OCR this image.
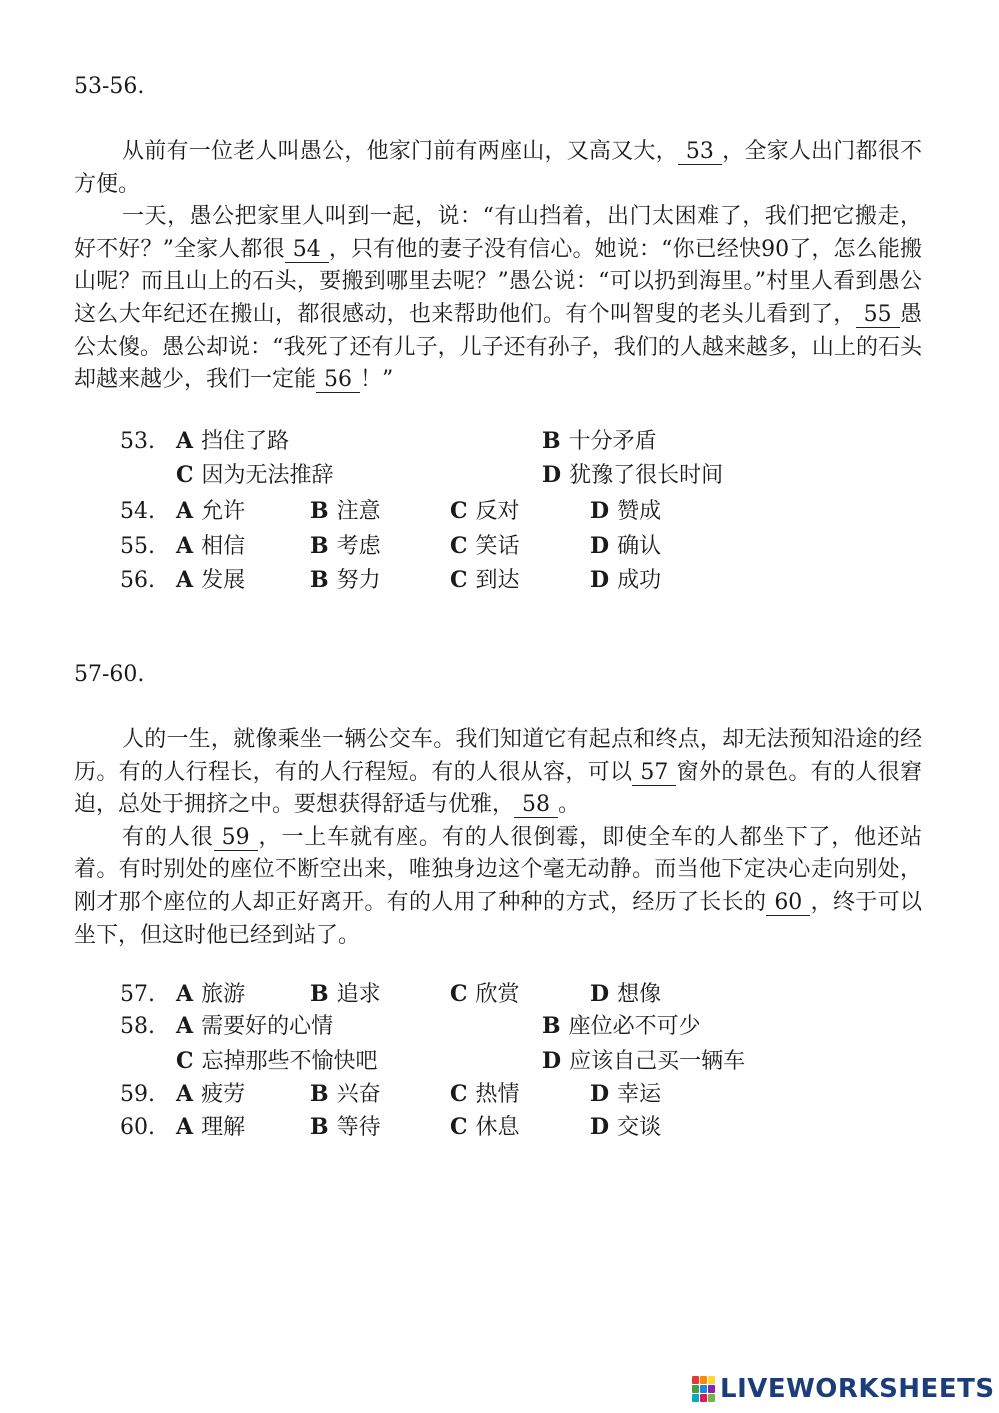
53-56.

从前有一位老人叫愚公，他家门前有两座山，又高又大， 53 ，全家人出门都很不方便。

一天，愚公把家里人叫到一起，说：“有山挡着，出门太困难了，我们把它搬走，好不好？”全家人都很 54 ，只有他的妻子没有信心。她说：“你已经快90了，怎么能搬山呢？而且山上的石头，要搬到哪里去呢？”愚公说：“可以扔到海里。”村里人看到愚公这么大年纪还在搬山，都很感动，也来帮助他们。有个叫智叟的老头儿看到了， 55 愚公太傻。愚公却说：“我死了还有儿子，儿子还有孙子，我们的人越来越多，山上的石头却越来越少，我们一定能 56 ！”

53. A 挡住了路	B 十分矛盾
C 因为无法推辞	D 犹豫了很长时间
54. A 允许	B 注意	C 反对	D 赞成
55. A 相信	B 考虑	C 笑话	D 确认
56. A 发展	B 努力	C 到达	D 成功
57-60.

人的一生，就像乘坐一辆公交车。我们知道它有起点和终点，却无法预知沿途的经历。有的人行程长，有的人行程短。有的人很从容，可以 57 窗外的景色。有的人很窘迫，总处于拥挤之中。要想获得舒适与优雅， 58 。

有的人很 59 ，一上车就有座。有的人很倒霉，即使全车的人都坐下了，他还站着。有时别处的座位不断空出来，唯独身边这个毫无动静。而当他下定决心走向别处，刚才那个座位的人却正好离开。有的人用了种种的方式，经历了长长的 60 ，终于可以坐下，但这时他已经到站了。

57. A 旅游	B 追求	C 欣赏	D 想像
58. A 需要好的心情	B 座位必不可少
C 忘掉那些不愉快吧	D 应该自己买一辆车
59. A 疲劳	B 兴奋	C 热情	D 幸运
60. A 理解	B 等待	C 休息	D 交谈
LIVEWORKSHEETS
